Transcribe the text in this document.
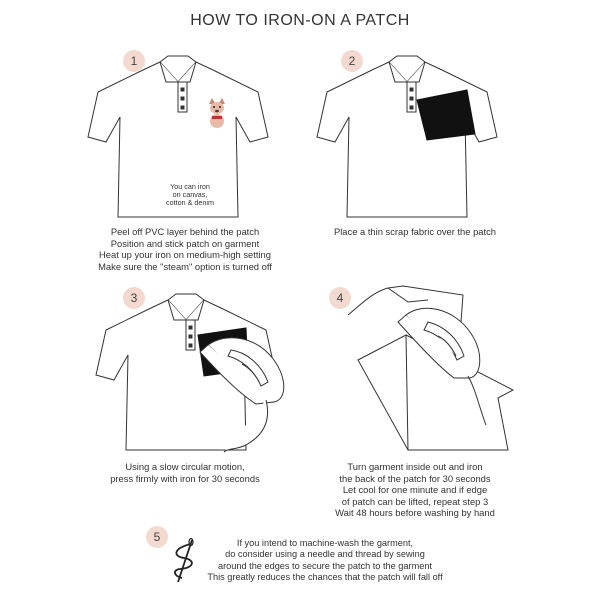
HOW TO IRON-ON A PATCH
1
You can iron
on canvas,
cotton & denim
Peel off PVC layer behind the patch
Position and stick patch on garment
Heat up your iron on medium-high setting
Make sure the "steam" option is turned off
2
Place a thin scrap fabric over the patch
3
Using a slow circular motion,
press firmly with iron for 30 seconds
4
Turn garment inside out and iron
the back of the patch for 30 seconds
Let cool for one minute and if edge
of patch can be lifted, repeat step 3
Wait 48 hours before washing by hand
5	If you intend to machine-wash the garment,
do consider using a needle and thread by sewing
around the edges to secure the patch to the garment
This greatly reduces the chances that the patch will fall off
